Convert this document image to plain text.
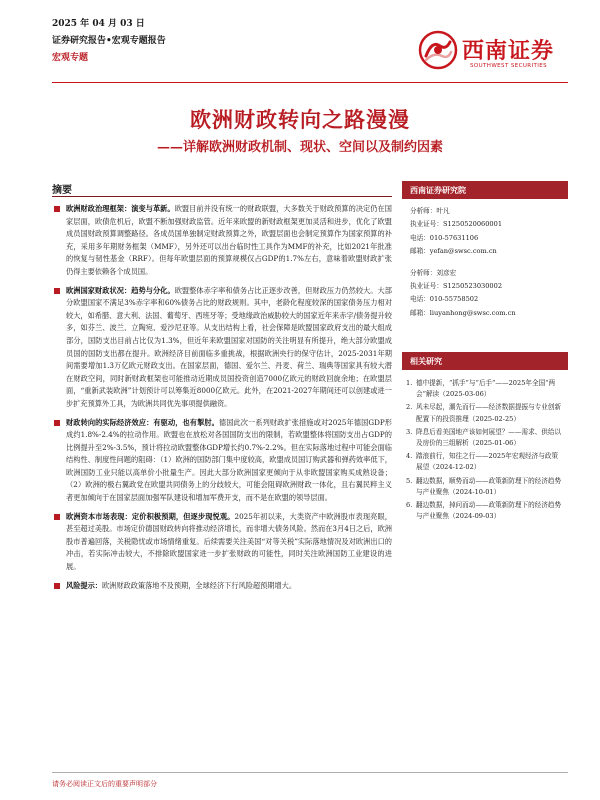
2025 年 04 月 03 日
证券研究报告•宏观专题报告
宏观专题	西南证券
SOUTHWEST SECURITIES
欧洲财政转向之路漫漫
——详解欧洲财政机制、现状、空间以及制约因素
摘要
欧洲财政治理框架：演变与革新。欧盟目前并没有统一的财政联盟，大多数关于财政预算的决定仍在国家层面，欧债危机后，欧盟不断加强财政监管。近年来欧盟的新财政框架更加灵活和进步，优化了欧盟成员国财政预算调整路径。各成员国单独制定财政预算之外，欧盟层面也会制定预算作为国家预算的补充，采用多年期财务框架（MMF），另外还可以出台临时性工具作为MMF的补充，比如2021年批准的恢复与韧性基金（RRF）。但每年欧盟层面的预算规模仅占GDP的1.7%左右，意味着欧盟财政扩张仍得主要依赖各个成员国。
欧洲国家财政状况：趋势与分化。欧盟整体赤字率和债务占比正逐步改善，但财政压力仍然较大。大部分欧盟国家不满足3%赤字率和60%债务占比的财政规则。其中，老龄化程度较深的国家债务压力相对较大，如希腊、意大利、法国、葡萄牙、西班牙等；受地缘政治威胁较大的国家近年来赤字/债务提升较多，如芬兰、波兰、立陶宛、爱沙尼亚等。从支出结构上看，社会保障是欧盟国家政府支出的最大组成部分，国防支出目前占比仅为1.3%，但近年来欧盟国家对国防的关注明显有所提升，绝大部分欧盟成员国的国防支出都在提升。欧洲经济目前面临多重挑战，根据欧洲央行的保守估计，2025-2031年期间需要增加1.3万亿欧元财政支出。在国家层面，德国、爱尔兰、丹麦、荷兰、瑞典等国家具有较大潜在财政空间，同时新财政框架也可能推动近期成员国投资创造7000亿欧元的财政回旋余地；在欧盟层面，“重新武装欧洲”计划预计可以筹集近8000亿欧元。此外，在2021-2027年期间还可以创建或进一步扩充预算外工具，为欧洲共同优先事项提供融资。
财政转向的实际经济效应：有驱动，也有掣肘。德国此次一系列财政扩张措施或对2025年德国GDP形成约1.8%-2.4%的拉动作用。欧盟也在放松对各国国防支出的限制，若欧盟整体将国防支出占GDP的比例提升至2%-3.5%，预计将拉动欧盟整体GDP增长约0.7%-2.2%。但在实际落地过程中可能会面临结构性、制度性问题的阻碍：（1）欧洲的国防部门集中度较高，欧盟成员国订购武器和弹药效率低下，欧洲国防工业只能以高单价小批量生产。因此大部分欧洲国家更倾向于从非欧盟国家购买成熟设备；（2）欧洲的极右翼政党在欧盟共同债务上的分歧较大，可能会阻碍欧洲财政一体化，且右翼民粹主义者更加倾向于在国家层面加强军队建设和增加军费开支，而不是在欧盟的领导层面。
欧洲资本市场表现：定价积极预期，但逐步现悦观。2025年初以来，大类资产中欧洲股市表现亮眼，甚至超过美股。市场定价德国财政转向将推动经济增长，而非增大债务风险。然而在3月4日之后，欧洲股市普遍回落，关税隐忧或市场情绪重复。后续需要关注美国“对等关税”实际落地情况及对欧洲出口的冲击，若实际冲击较大，不排除欧盟国家进一步扩张财政的可能性，同时关注欧洲国防工业建设的进展。
风险提示：欧洲财政政策落地不及预期，全球经济下行风险超预期增大。
西南证券研究院
分析师：叶凡
执业证号：S1250520060001
电话：010-57631106
邮箱：yefan@swsc.com.cn
分析师：刘彦宏
执业证号：S1250523030002
电话：010-55758502
邮箱：liuyanhong@swsc.com.cn
相关研究
1. 德中提新，“抓手”与“后手”——2025年全国“两会”解读（2025-03-06）
2. 风未尽起，潮先而行——经济数据提振与专业创新配置下的投资推理（2025-02-25）
3. 降息后看美国地产该如何展望？——需求、供给以及房价的三组解析（2025-01-06）
4. 踏浪前行，知往之行——2025年宏观经济与政策展望（2024-12-02）
5. 翻边数据，顺势而动——政策新防理下的经济趋势与产业聚焦（2024-10-01）
6. 翻边数据，掉问而动——政策新防理下的经济趋势与产业聚焦（2024-09-03）
请务必阅读正文后的重要声明部分
